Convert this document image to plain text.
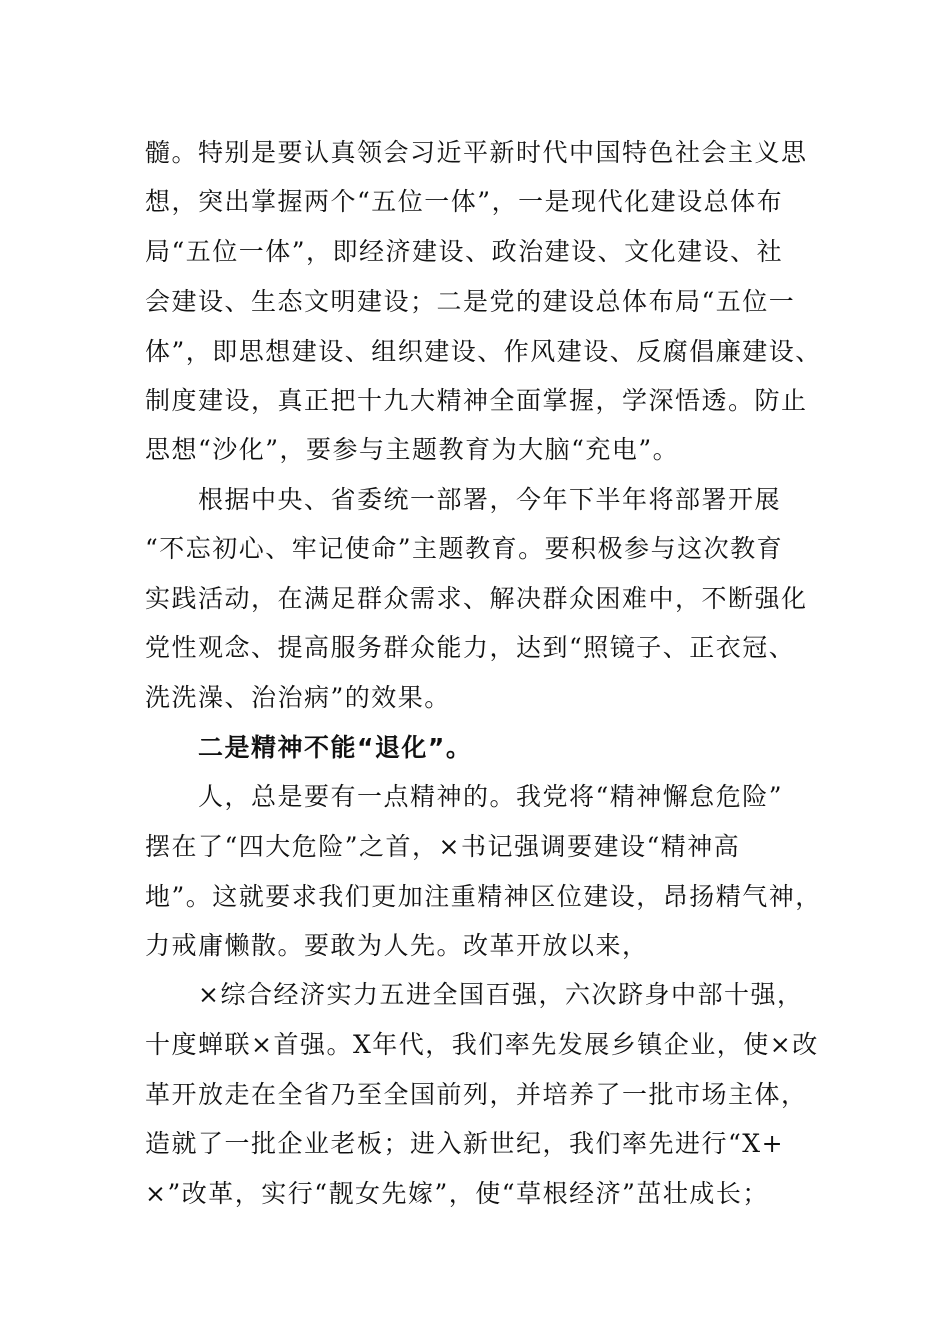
髓。特别是要认真领会习近平新时代中国特色社会主义思
想，突出掌握两个“五位一体”，一是现代化建设总体布
局“五位一体”，即经济建设、政治建设、文化建设、社
会建设、生态文明建设；二是党的建设总体布局“五位一
体”，即思想建设、组织建设、作风建设、反腐倡廉建设、
制度建设，真正把十九大精神全面掌握，学深悟透。防止
思想“沙化”，要参与主题教育为大脑“充电”。
根据中央、省委统一部署，今年下半年将部署开展
“不忘初心、牢记使命”主题教育。要积极参与这次教育
实践活动，在满足群众需求、解决群众困难中，不断强化
党性观念、提高服务群众能力，达到“照镜子、正衣冠、
洗洗澡、治治病”的效果。
二是精神不能“退化”。
人，总是要有一点精神的。我党将“精神懈怠危险”
摆在了“四大危险”之首，×书记强调要建设“精神高
地”。这就要求我们更加注重精神区位建设，昂扬精气神，
力戒庸懒散。要敢为人先。改革开放以来，
×综合经济实力五进全国百强，六次跻身中部十强，
十度蝉联×首强。X年代，我们率先发展乡镇企业，使×改
革开放走在全省乃至全国前列，并培养了一批市场主体，
造就了一批企业老板；进入新世纪，我们率先进行“X+
×”改革，实行“靓女先嫁”，使“草根经济”茁壮成长；
